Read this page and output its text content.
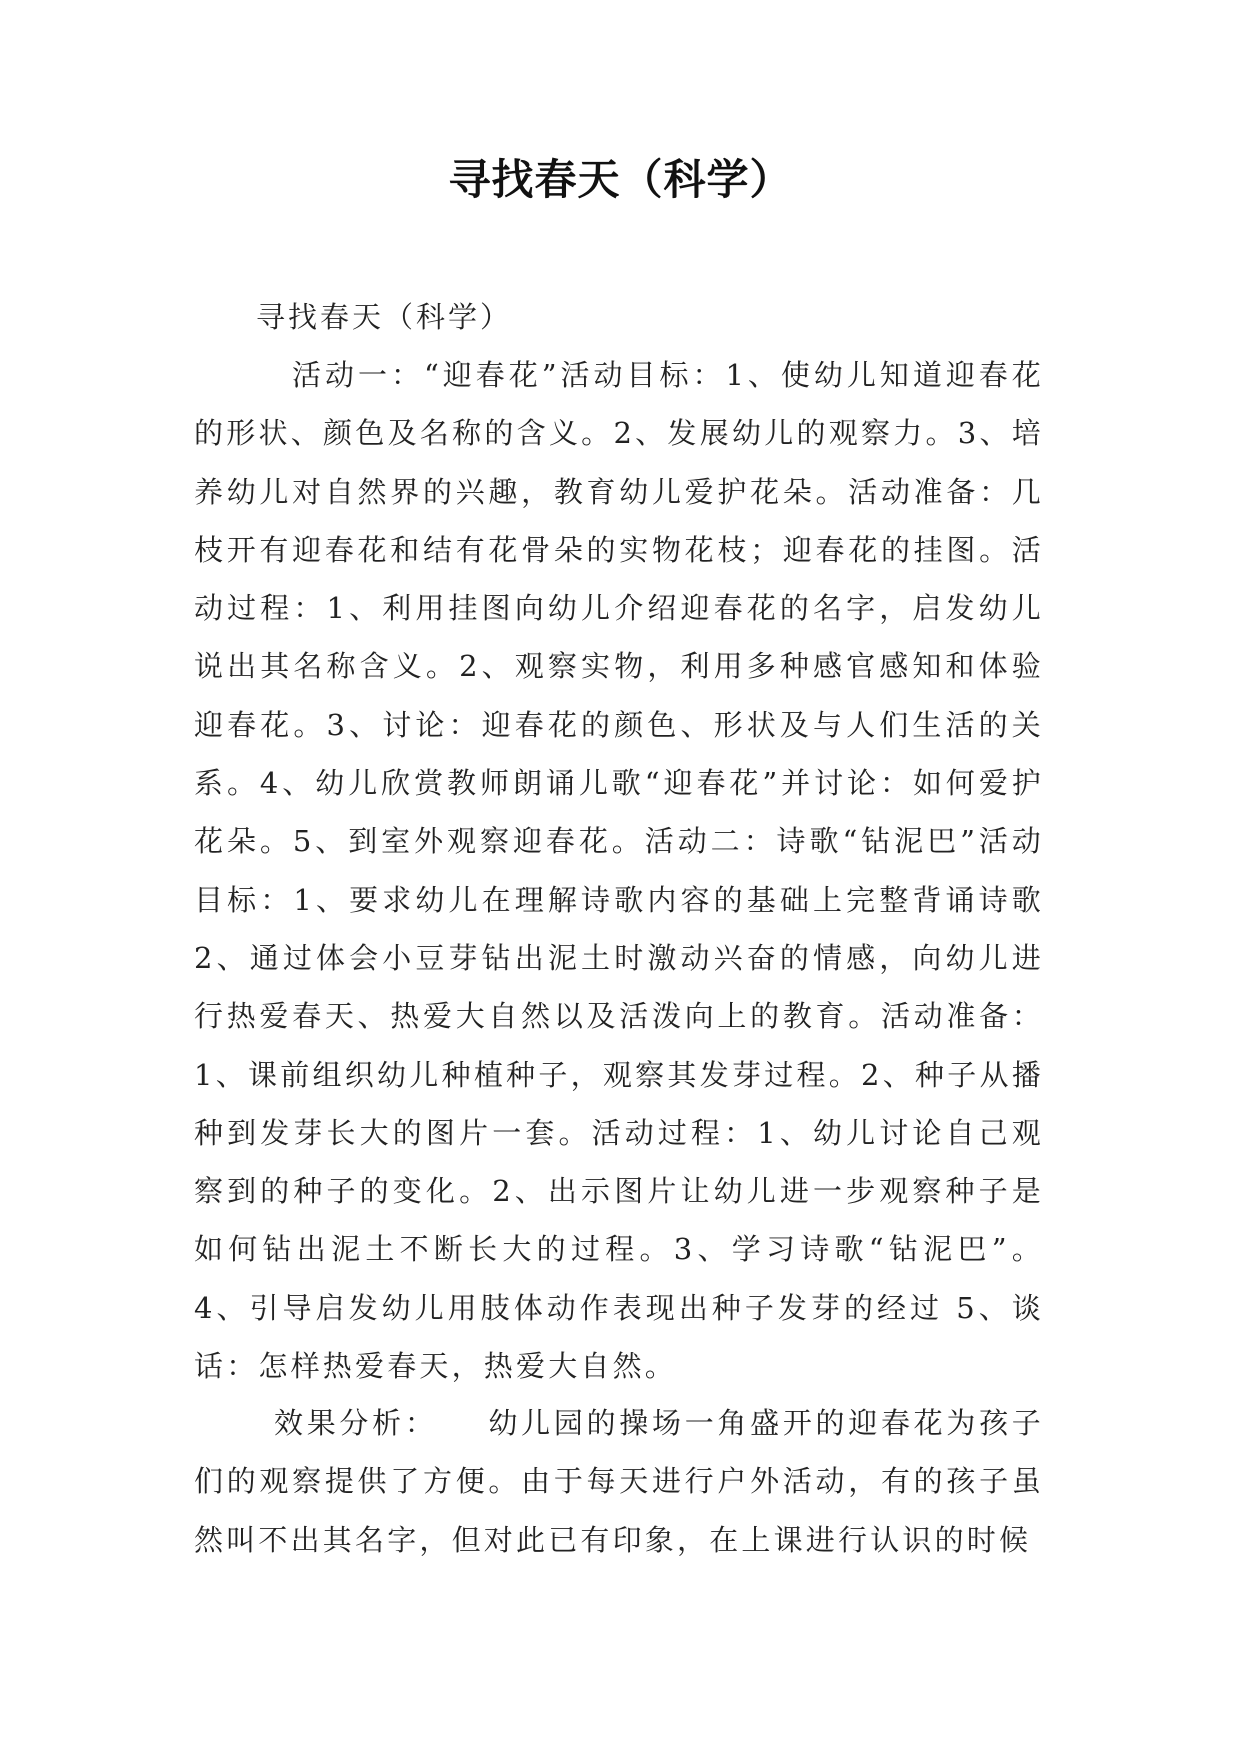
寻找春天（科学）
寻找春天（科学）

活动一：“迎春花”活动目标：1、使幼儿知道迎春花的形状、颜色及名称的含义。2、发展幼儿的观察力。3、培养幼儿对自然界的兴趣，教育幼儿爱护花朵。活动准备：几枝开有迎春花和结有花骨朵的实物花枝；迎春花的挂图。活动过程：1、利用挂图向幼儿介绍迎春花的名字，启发幼儿说出其名称含义。2、观察实物，利用多种感官感知和体验迎春花。3、讨论：迎春花的颜色、形状及与人们生活的关系。4、幼儿欣赏教师朗诵儿歌“迎春花”并讨论：如何爱护花朵。5、到室外观察迎春花。活动二：诗歌“钻泥巴”活动目标：1、要求幼儿在理解诗歌内容的基础上完整背诵诗歌 2、通过体会小豆芽钻出泥土时激动兴奋的情感，向幼儿进行热爱春天、热爱大自然以及活泼向上的教育。活动准备：1、课前组织幼儿种植种子，观察其发芽过程。2、种子从播种到发芽长大的图片一套。活动过程：1、幼儿讨论自己观察到的种子的变化。2、出示图片让幼儿进一步观察种子是如何钻出泥土不断长大的过程。3、学习诗歌“钻泥巴”。4、引导启发幼儿用肢体动作表现出种子发芽的经过 5、谈话：怎样热爱春天，热爱大自然。

效果分析：　　幼儿园的操场一角盛开的迎春花为孩子们的观察提供了方便。由于每天进行户外活动，有的孩子虽然叫不出其名字，但对此已有印象，在上课进行认识的时候
